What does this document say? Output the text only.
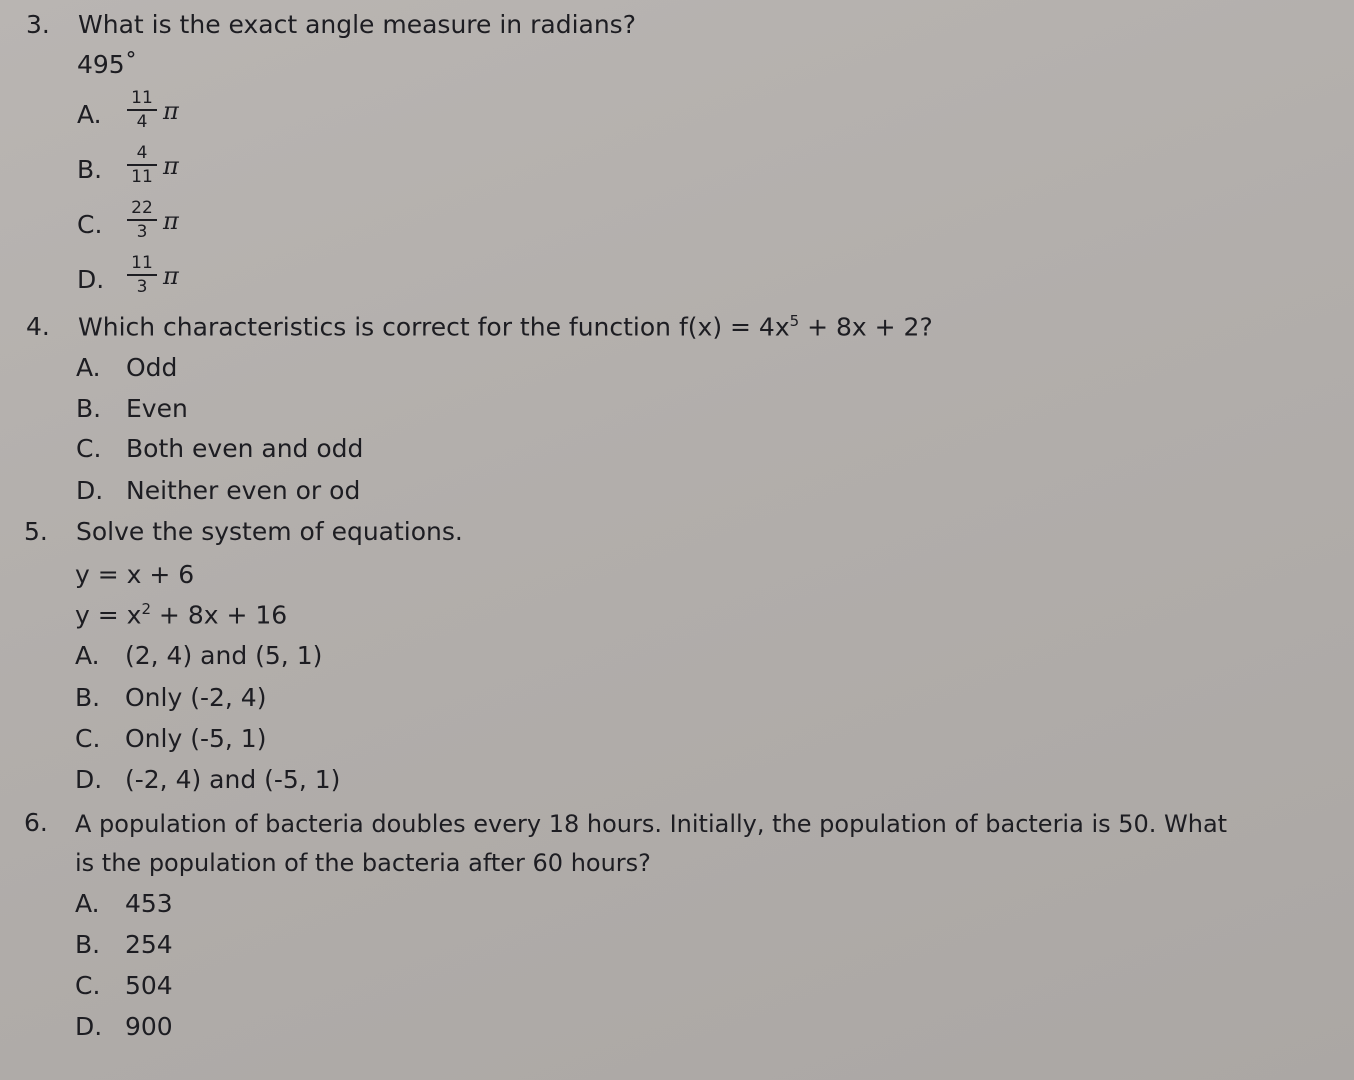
3. What is the exact angle measure in radians?
495˚
A. $\frac{11}{4}$ π
B. $\frac{4}{11}$ π
C. $\frac{22}{3}$ π
D. $\frac{11}{3}$ π
4. Which characteristics is correct for the function $f(x) = 4x^5 + 8x + 2$?
A. Odd
B. Even
C. Both even and odd
D. Neither even or od
5. Solve the system of equations.
y = x + 6
$y = x^2 + 8x + 16$
A. (2, 4) and (5, 1)
B. Only (-2, 4)
C. Only (-5, 1)
D. (-2, 4) and (-5, 1)
6. A population of bacteria doubles every 18 hours. Initially, the population of bacteria is 50. What
is the population of the bacteria after 60 hours?
A. 453
B. 254
C. 504
D. 900
